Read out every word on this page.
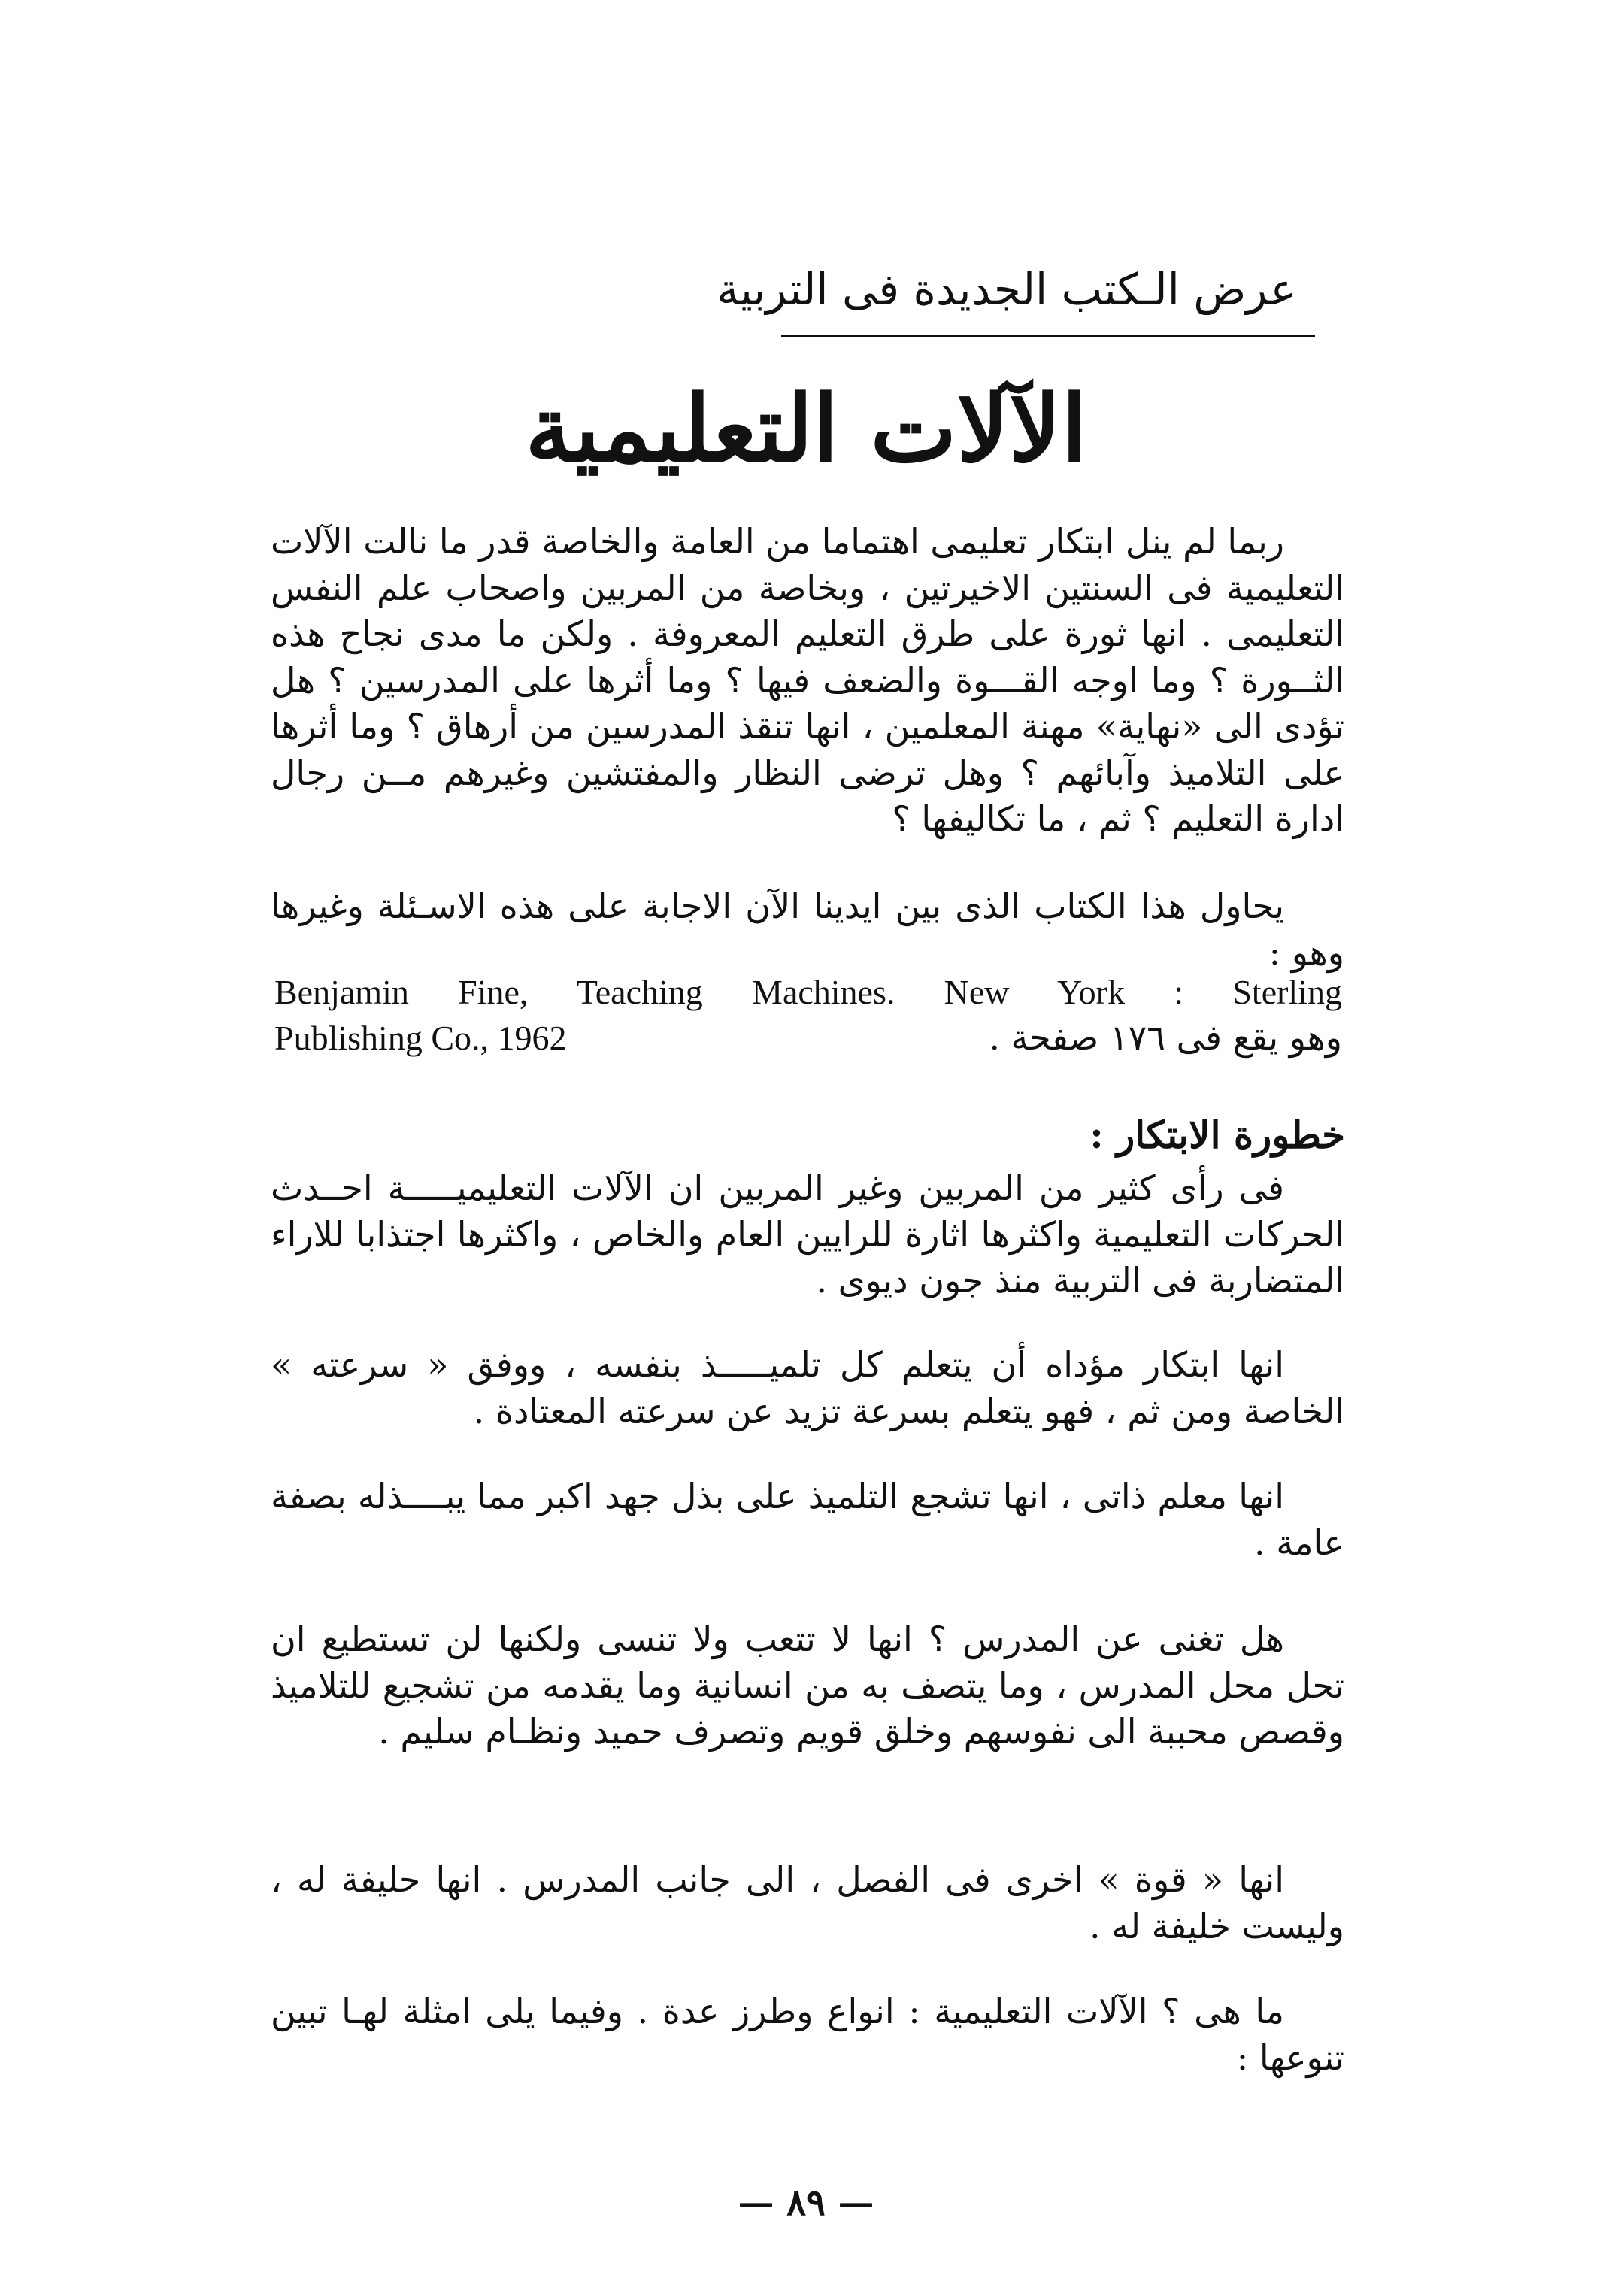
عرض الـكتب الجديدة فى التربية
الآلات التعليمية

ربما لم ينل ابتكار تعليمى اهتماما من العامة والخاصة قدر ما نالت الآلات التعليمية فى السنتين الاخيرتين ، وبخاصة من المربين واصحاب علم النفس التعليمى . انها ثورة على طرق التعليم المعروفة . ولكن ما مدى نجاح هذه الثــورة ؟ وما اوجه القـــوة والضعف فيها ؟ وما أثرها على المدرسين ؟ هل تؤدى الى «نهاية» مهنة المعلمين ، انها تنقذ المدرسين من أرهاق ؟ وما أثرها على التلاميذ وآبائهم ؟ وهل ترضى النظار والمفتشين وغيرهم مــن رجال ادارة التعليم ؟ ثم ، ما تكاليفها ؟

يحاول هذا الكتاب الذى بين ايدينا الآن الاجابة على هذه الاسـئلة وغيرها وهو :

Benjamin Fine, Teaching Machines. New York : Sterling
Publishing Co., 1962	وهو يقع فى ١٧٦ صفحة .
خطورة الابتكار :

فى رأى كثير من المربين وغير المربين ان الآلات التعليميـــــة احــدث الحركات التعليمية واكثرها اثارة للرايين العام والخاص ، واكثرها اجتذابا للاراء المتضاربة فى التربية منذ جون ديوى .

انها ابتكار مؤداه أن يتعلم كل تلميـــــذ بنفسه ، ووفق « سرعته » الخاصة ومن ثم ، فهو يتعلم بسرعة تزيد عن سرعته المعتادة .

انها معلم ذاتى ، انها تشجع التلميذ على بذل جهد اكبر مما يبــــذله بصفة عامة .

هل تغنى عن المدرس ؟ انها لا تتعب ولا تنسى ولكنها لن تستطيع ان تحل محل المدرس ، وما يتصف به من انسانية وما يقدمه من تشجيع للتلاميذ وقصص محببة الى نفوسهم وخلق قويم وتصرف حميد ونظـام سليم .

انها « قوة » اخرى فى الفصل ، الى جانب المدرس . انها حليفة له ، وليست خليفة له .

ما هى ؟ الآلات التعليمية : انواع وطرز عدة . وفيما يلى امثلة لهـا تبين تنوعها :

— ٨٩ —
